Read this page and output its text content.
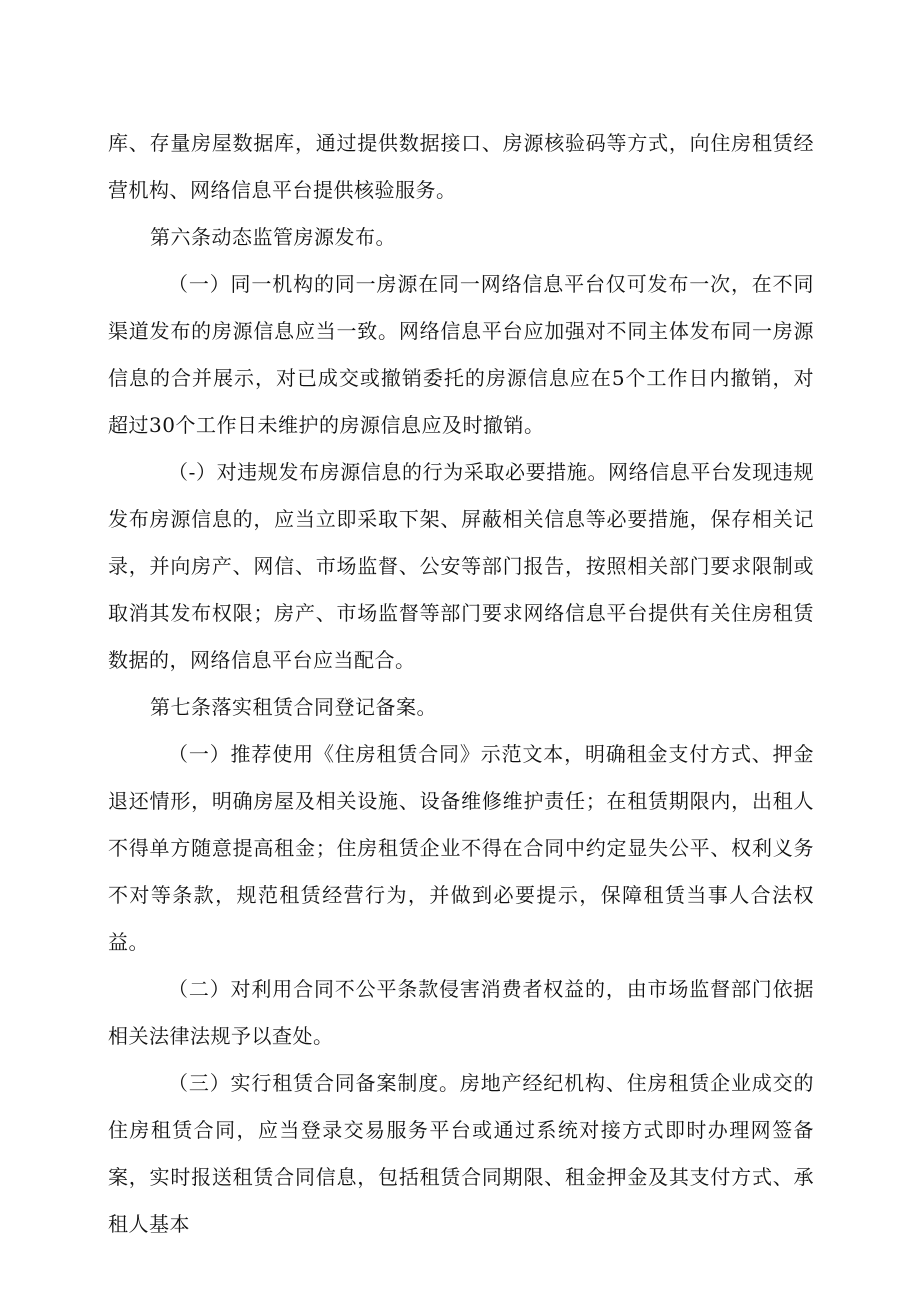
库、存量房屋数据库，通过提供数据接口、房源核验码等方式，向住房租赁经营机构、网络信息平台提供核验服务。

第六条动态监管房源发布。

（一）同一机构的同一房源在同一网络信息平台仅可发布一次，在不同渠道发布的房源信息应当一致。网络信息平台应加强对不同主体发布同一房源信息的合并展示，对已成交或撤销委托的房源信息应在5个工作日内撤销，对超过30个工作日未维护的房源信息应及时撤销。

（-）对违规发布房源信息的行为采取必要措施。网络信息平台发现违规发布房源信息的，应当立即采取下架、屏蔽相关信息等必要措施，保存相关记录，并向房产、网信、市场监督、公安等部门报告，按照相关部门要求限制或取消其发布权限；房产、市场监督等部门要求网络信息平台提供有关住房租赁数据的，网络信息平台应当配合。

第七条落实租赁合同登记备案。

（一）推荐使用《住房租赁合同》示范文本，明确租金支付方式、押金退还情形，明确房屋及相关设施、设备维修维护责任；在租赁期限内，出租人不得单方随意提高租金；住房租赁企业不得在合同中约定显失公平、权利义务不对等条款，规范租赁经营行为，并做到必要提示，保障租赁当事人合法权益。

（二）对利用合同不公平条款侵害消费者权益的，由市场监督部门依据相关法律法规予以查处。

（三）实行租赁合同备案制度。房地产经纪机构、住房租赁企业成交的住房租赁合同，应当登录交易服务平台或通过系统对接方式即时办理网签备案，实时报送租赁合同信息，包括租赁合同期限、租金押金及其支付方式、承租人基本
